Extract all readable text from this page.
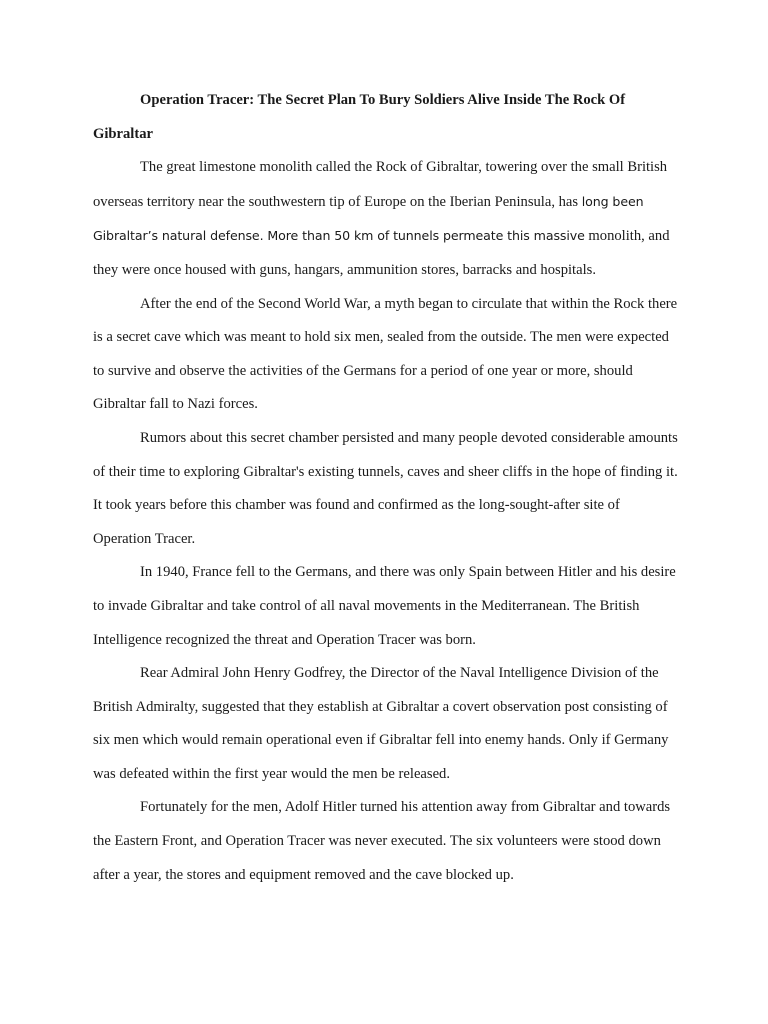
Operation Tracer: The Secret Plan To Bury Soldiers Alive Inside The Rock Of Gibraltar

The great limestone monolith called the Rock of Gibraltar, towering over the small British overseas territory near the southwestern tip of Europe on the Iberian Peninsula, has long been Gibraltar’s natural defense. More than 50 km of tunnels permeate this massive monolith, and they were once housed with guns, hangars, ammunition stores, barracks and hospitals.

After the end of the Second World War, a myth began to circulate that within the Rock there is a secret cave which was meant to hold six men, sealed from the outside. The men were expected to survive and observe the activities of the Germans for a period of one year or more, should Gibraltar fall to Nazi forces.

Rumors about this secret chamber persisted and many people devoted considerable amounts of their time to exploring Gibraltar's existing tunnels, caves and sheer cliffs in the hope of finding it. It took years before this chamber was found and confirmed as the long-sought-after site of Operation Tracer.

In 1940, France fell to the Germans, and there was only Spain between Hitler and his desire to invade Gibraltar and take control of all naval movements in the Mediterranean. The British Intelligence recognized the threat and Operation Tracer was born.

Rear Admiral John Henry Godfrey, the Director of the Naval Intelligence Division of the British Admiralty, suggested that they establish at Gibraltar a covert observation post consisting of six men which would remain operational even if Gibraltar fell into enemy hands. Only if Germany was defeated within the first year would the men be released.

Fortunately for the men, Adolf Hitler turned his attention away from Gibraltar and towards the Eastern Front, and Operation Tracer was never executed. The six volunteers were stood down after a year, the stores and equipment removed and the cave blocked up.
